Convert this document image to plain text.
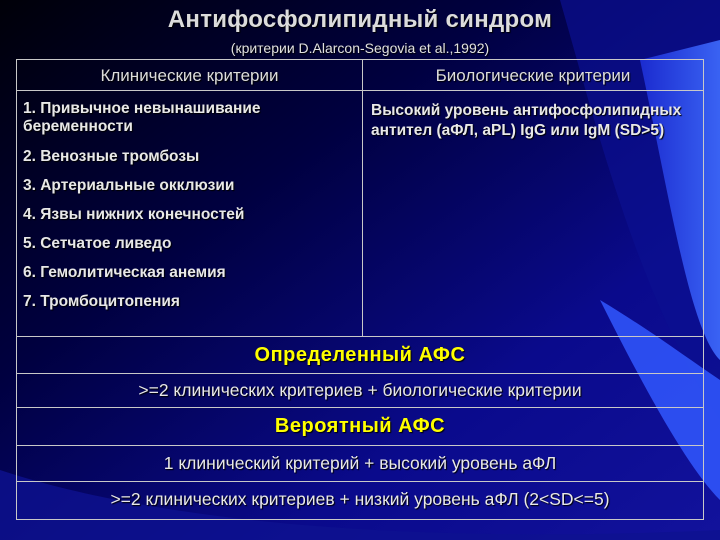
Антифосфолипидный синдром
(критерии D.Alarcon-Segovia et al.,1992)
Клинические критерии	Биологические критерии
1. Привычное невынашивание беременности
2. Венозные тромбозы
3. Артериальные окклюзии
4. Язвы нижних конечностей
5. Сетчатое ливедо
6. Гемолитическая анемия
7. Тромбоцитопения
Высокий уровень антифосфолипидных антител (аФЛ, аPL) IgG или IgM (SD>5)
Определенный АФС
>=2 клинических критериев + биологические критерии
Вероятный АФС
1 клинический критерий + высокий уровень аФЛ
>=2 клинических критериев + низкий уровень аФЛ (2<SD<=5)
